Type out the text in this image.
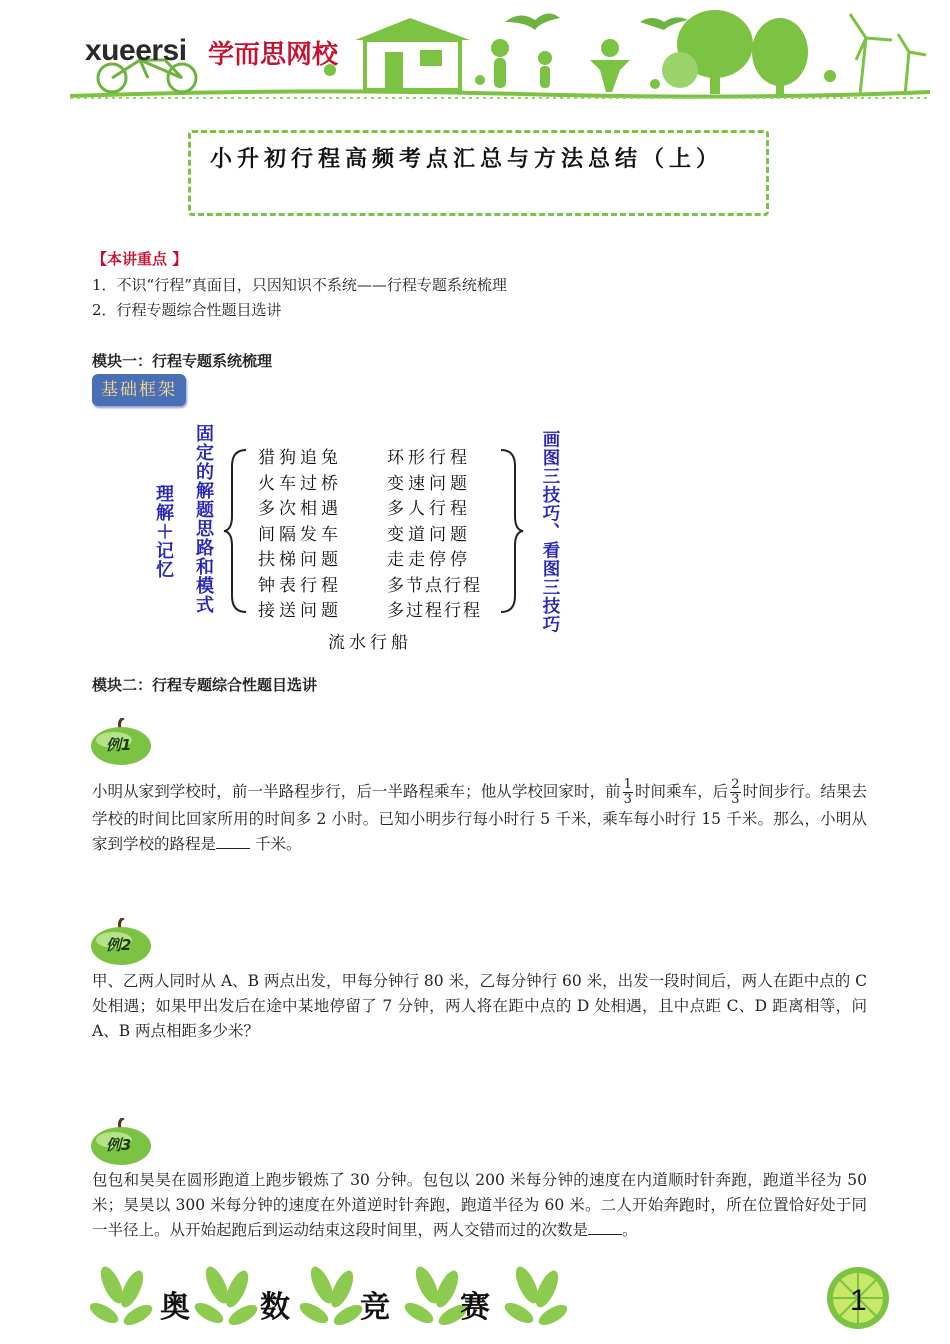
xueersi 学而思网校
小升初行程高频考点汇总与方法总结（上）
【本讲重点 】
1．不识“行程”真面目，只因知识不系统——行程专题系统梳理
2．行程专题综合性题目选讲
模块一：行程专题系统梳理
基础框架
理解＋记忆 固定的解题思路和模式	猎狗追兔
火车过桥
多次相遇
间隔发车
扶梯问题
钟表行程
接送问题
环形行程
变速问题
多人行程
变道问题
走走停停
多节点行程
多过程行程
流水行船
画图三技巧、看图三技巧
模块二：行程专题综合性题目选讲
例1
小明从家到学校时，前一半路程步行，后一半路程乘车；他从学校回家时，前 $\frac{1}{3}$ 时间乘车，后 $\frac{2}{3}$ 时间步行。结果去学校的时间比回家所用的时间多 2 小时。已知小明步行每小时行 5 千米，乘车每小时行 15 千米。那么，小明从家到学校的路程是 千米。
例2
甲、乙两人同时从 A、B 两点出发，甲每分钟行 80 米，乙每分钟行 60 米，出发一段时间后，两人在距中点的 C 处相遇；如果甲出发后在途中某地停留了 7 分钟，两人将在距中点的 D 处相遇，且中点距 C、D 距离相等，问 A、B 两点相距多少米？
例3
包包和昊昊在圆形跑道上跑步锻炼了 30 分钟。包包以 200 米每分钟的速度在内道顺时针奔跑，跑道半径为 50 米；昊昊以 300 米每分钟的速度在外道逆时针奔跑，跑道半径为 60 米。二人开始奔跑时，所在位置恰好处于同一半径上。从开始起跑后到运动结束这段时间里，两人交错而过的次数是 。
奥 数 竞 赛	1
